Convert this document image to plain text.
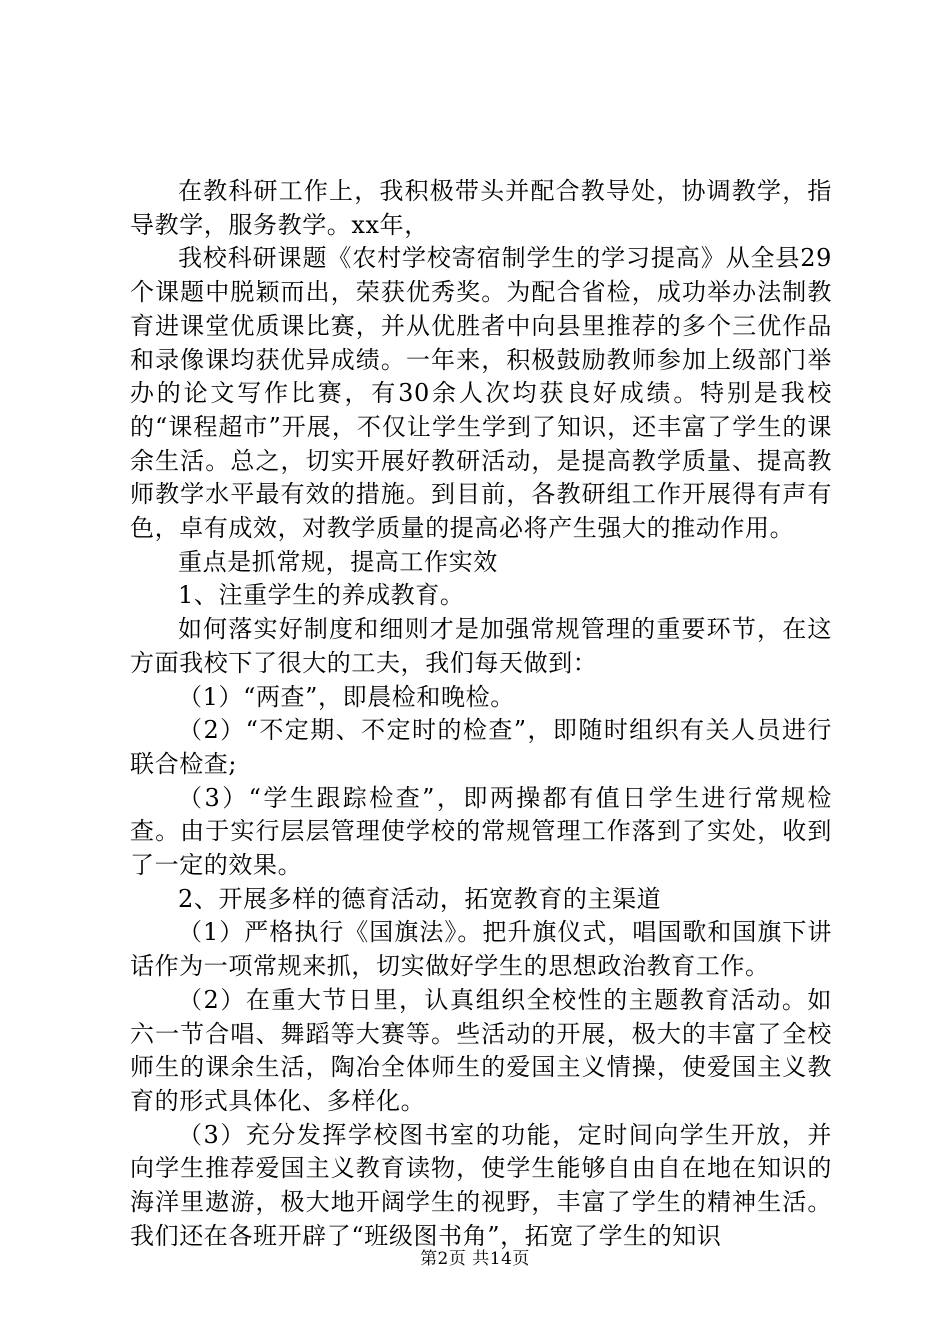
在教科研工作上，我积极带头并配合教导处，协调教学，指导教学，服务教学。xx年，

我校科研课题《农村学校寄宿制学生的学习提高》从全县29个课题中脱颖而出，荣获优秀奖。为配合省检，成功举办法制教育进课堂优质课比赛，并从优胜者中向县里推荐的多个三优作品和录像课均获优异成绩。一年来，积极鼓励教师参加上级部门举办的论文写作比赛，有30余人次均获良好成绩。特别是我校的“课程超市”开展，不仅让学生学到了知识，还丰富了学生的课余生活。总之，切实开展好教研活动，是提高教学质量、提高教师教学水平最有效的措施。到目前，各教研组工作开展得有声有色，卓有成效，对教学质量的提高必将产生强大的推动作用。

重点是抓常规，提高工作实效

1、注重学生的养成教育。

如何落实好制度和细则才是加强常规管理的重要环节，在这方面我校下了很大的工夫，我们每天做到：

（1）“两查”，即晨检和晚检。

（2）“不定期、不定时的检查”，即随时组织有关人员进行联合检查;

（3）“学生跟踪检查”，即两操都有值日学生进行常规检查。由于实行层层管理使学校的常规管理工作落到了实处，收到了一定的效果。

2、开展多样的德育活动，拓宽教育的主渠道

（1）严格执行《国旗法》。把升旗仪式，唱国歌和国旗下讲话作为一项常规来抓，切实做好学生的思想政治教育工作。

（2）在重大节日里，认真组织全校性的主题教育活动。如六一节合唱、舞蹈等大赛等。些活动的开展，极大的丰富了全校师生的课余生活，陶冶全体师生的爱国主义情操，使爱国主义教育的形式具体化、多样化。

（3）充分发挥学校图书室的功能，定时间向学生开放，并向学生推荐爱国主义教育读物，使学生能够自由自在地在知识的海洋里遨游，极大地开阔学生的视野，丰富了学生的精神生活。我们还在各班开辟了“班级图书角”，拓宽了学生的知识

第2页 共14页
